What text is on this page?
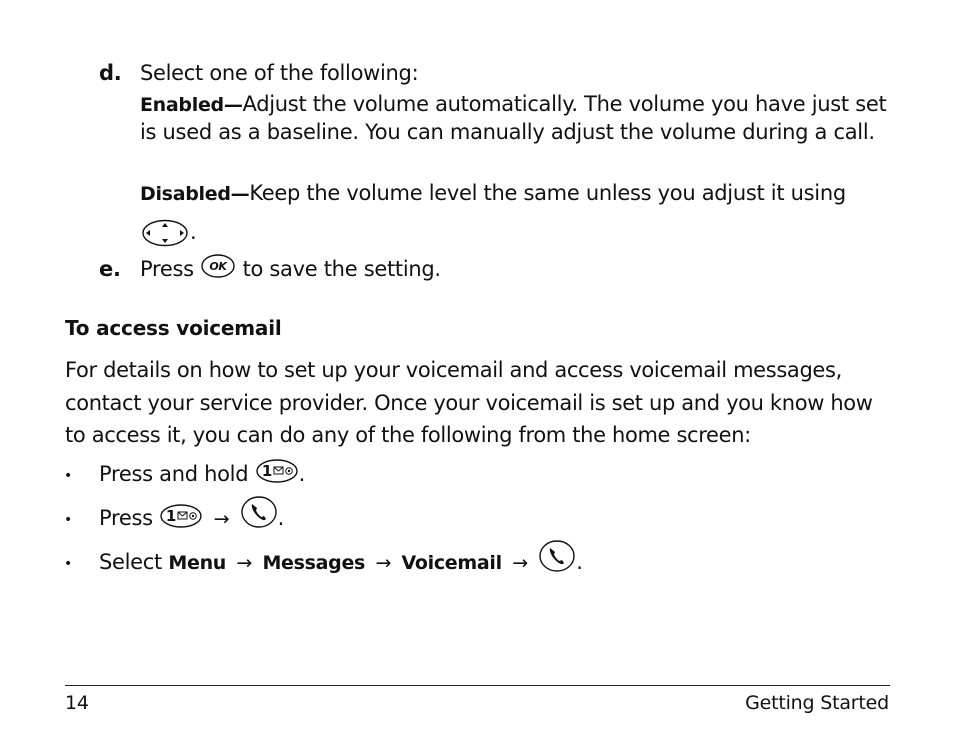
d. Select one of the following:
Enabled—Adjust the volume automatically. The volume you have just set is used as a baseline. You can manually adjust the volume during a call.
Disabled—Keep the volume level the same unless you adjust it using
.
e. Press OK to save the setting.
To access voicemail
For details on how to set up your voicemail and access voicemail messages, contact your service provider. Once your voicemail is set up and you know how to access it, you can do any of the following from the home screen:
• Press and hold 1 .
• Press 1 → .
• Select Menu → Messages → Voicemail → .
14	Getting Started
